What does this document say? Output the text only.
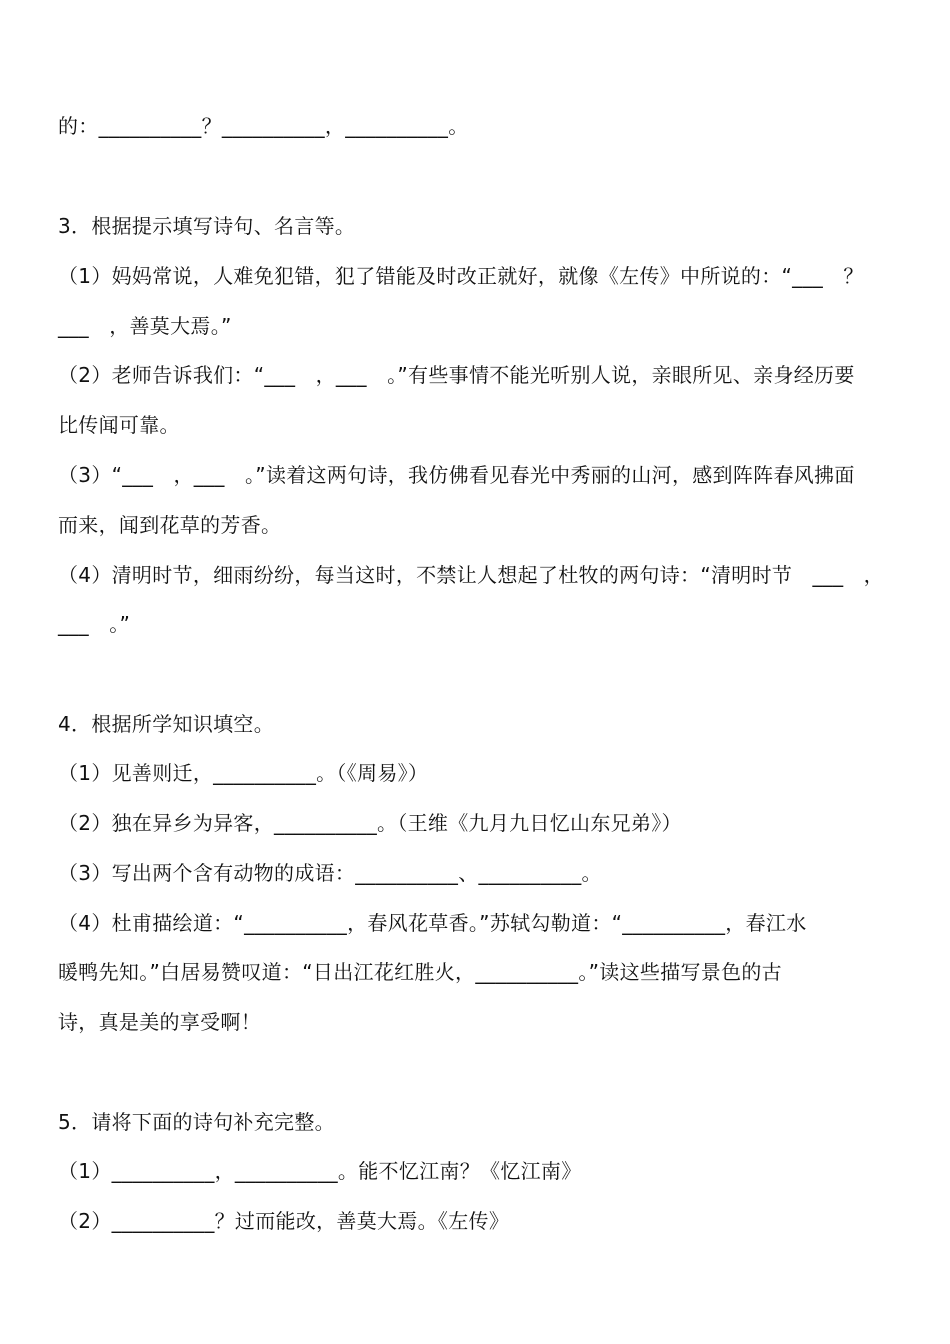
的：__________？__________，__________。
3．根据提示填写诗句、名言等。
（1）妈妈常说，人难免犯错，犯了错能及时改正就好，就像《左传》中所说的：“___　？
___　，善莫大焉。”
（2）老师告诉我们：“___　，___　。”有些事情不能光听别人说，亲眼所见、亲身经历要
比传闻可靠。
（3）“___　，___　。”读着这两句诗，我仿佛看见春光中秀丽的山河，感到阵阵春风拂面
而来，闻到花草的芳香。
（4）清明时节，细雨纷纷，每当这时，不禁让人想起了杜牧的两句诗：“清明时节　___　，
___　。”
4．根据所学知识填空。
（1）见善则迁，__________。（《周易》）
（2）独在异乡为异客，__________。（王维《九月九日忆山东兄弟》）
（3）写出两个含有动物的成语：__________、__________。
（4）杜甫描绘道：“__________，春风花草香。”苏轼勾勒道：“__________，春江水
暖鸭先知。”白居易赞叹道：“日出江花红胜火，__________。”读这些描写景色的古
诗，真是美的享受啊！
5．请将下面的诗句补充完整。
（1）__________，__________。能不忆江南？《忆江南》
（2）__________？过而能改，善莫大焉。《左传》
